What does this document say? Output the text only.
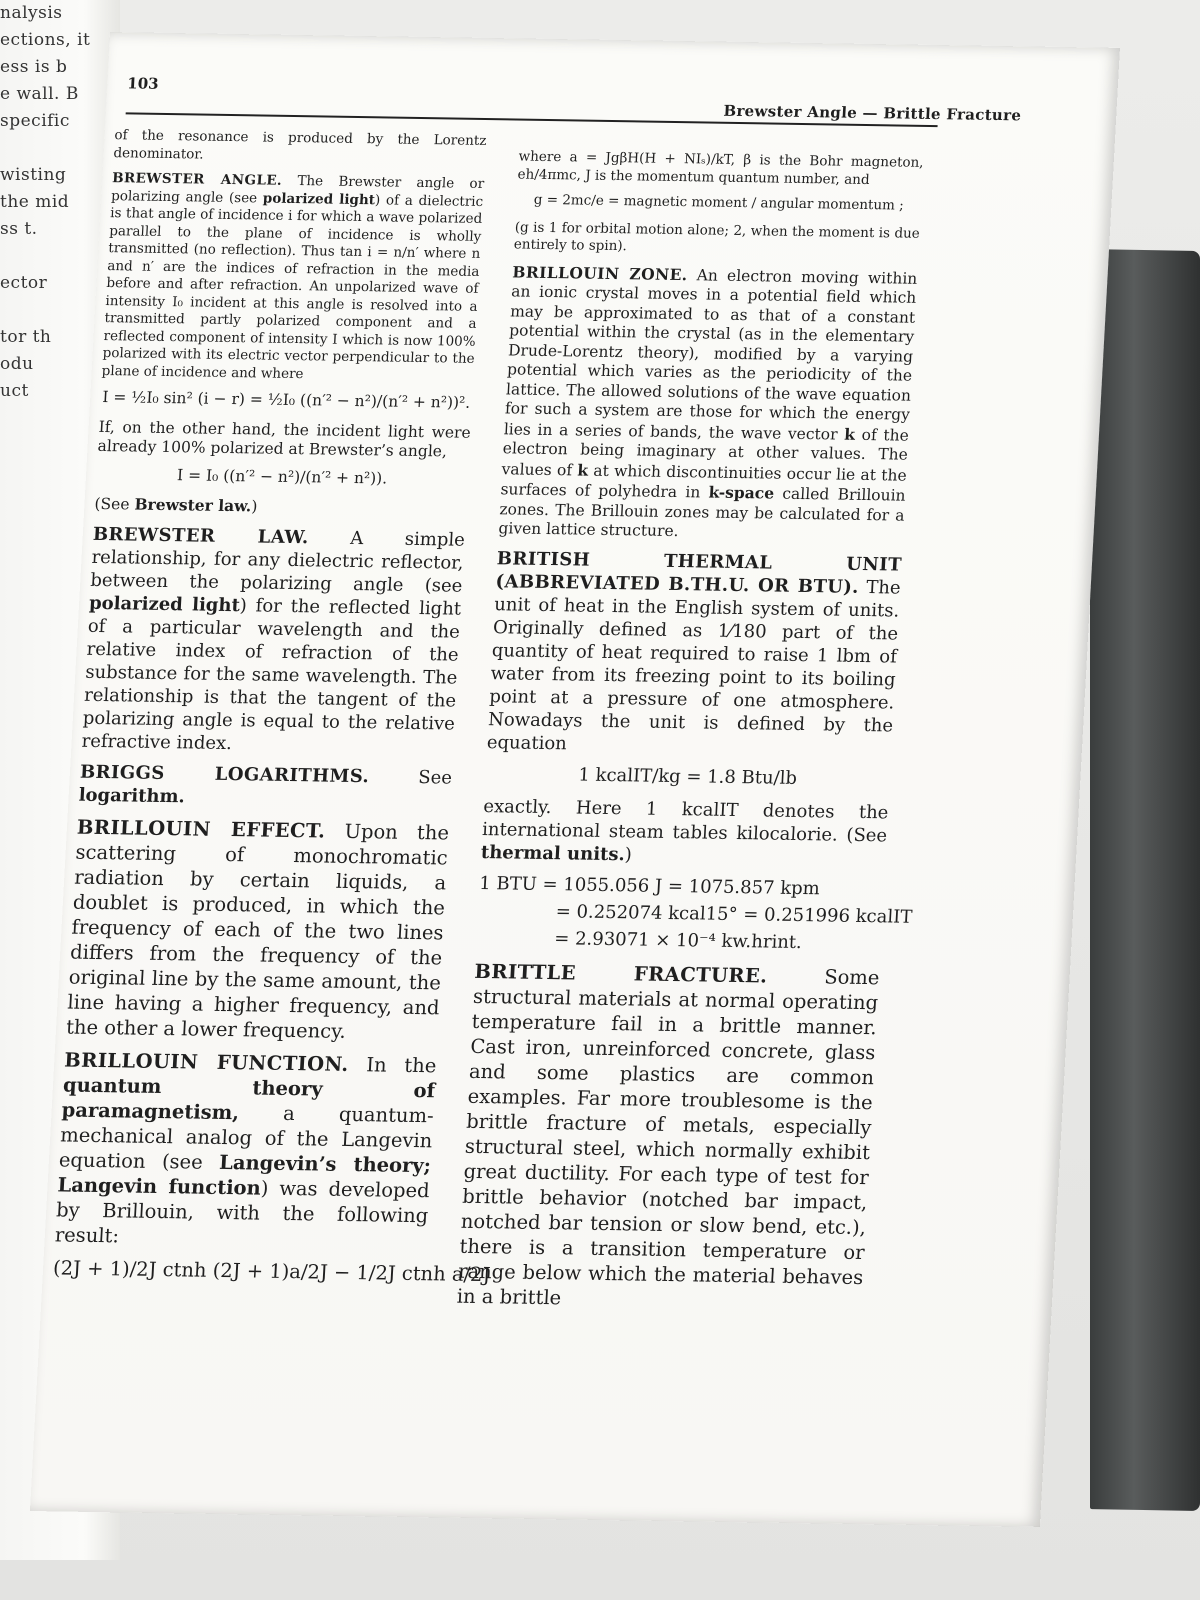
nalysis
ections, it
ess is b
e wall. B
specific

wisting
the mid
ss t.

ector

tor th
odu
uct
103
Brewster Angle — Brittle Fracture

of the resonance is produced by the Lorentz denominator.

BREWSTER ANGLE. The Brewster angle or polarizing angle (see polarized light) of a dielectric is that angle of incidence i for which a wave polarized parallel to the plane of incidence is wholly transmitted (no reflection). Thus tan i = n/n′ where n and n′ are the indices of refraction in the media before and after refraction. An unpolarized wave of intensity I₀ incident at this angle is resolved into a transmitted partly polarized component and a reflected component of intensity I which is now 100% polarized with its electric vector perpendicular to the plane of incidence and where

I = ½I₀ sin² (i − r) = ½I₀ ((n′² − n²)/(n′² + n²))².

If, on the other hand, the incident light were already 100% polarized at Brewster’s angle,

I = I₀ ((n′² − n²)/(n′² + n²)).

(See Brewster law.)

BREWSTER LAW. A simple relationship, for any dielectric reflector, between the polarizing angle (see polarized light) for the reflected light of a particular wavelength and the relative index of refraction of the substance for the same wavelength. The relationship is that the tangent of the polarizing angle is equal to the relative refractive index.

BRIGGS LOGARITHMS.	See logarithm.

BRILLOUIN EFFECT. Upon the scattering of monochromatic radiation by certain liquids, a doublet is produced, in which the frequency of each of the two lines differs from the frequency of the original line by the same amount, the line having a higher frequency, and the other a lower frequency.

BRILLOUIN FUNCTION. In the quantum theory of paramagnetism, a quantum-mechanical analog of the Langevin equation (see Langevin’s theory; Langevin function) was developed by Brillouin, with the following result:

(2J + 1)/2J ctnh (2J + 1)a/2J − 1/2J ctnh a/2J

where a = JgβH(H + NIₛ)/kT, β is the Bohr magneton, eh/4πmc, J is the momentum quantum number, and

g = 2mc/e = magnetic moment / angular momentum ;

(g is 1 for orbital motion alone; 2, when the moment is due entirely to spin).

BRILLOUIN ZONE. An electron moving within an ionic crystal moves in a potential field which may be approximated to as that of a constant potential within the crystal (as in the elementary Drude-Lorentz theory), modified by a varying potential which varies as the periodicity of the lattice. The allowed solutions of the wave equation for such a system are those for which the energy lies in a series of bands, the wave vector k of the electron being imaginary at other values. The values of k at which discontinuities occur lie at the surfaces of polyhedra in k-space called Brillouin zones. The Brillouin zones may be calculated for a given lattice structure.

BRITISH THERMAL UNIT (ABBREVIATED B.TH.U. OR BTU). The unit of heat in the English system of units. Originally defined as 1⁄180 part of the quantity of heat required to raise 1 lbm of water from its freezing point to its boiling point at a pressure of one atmosphere. Nowadays the unit is defined by the equation

1 kcalIT/kg = 1.8 Btu/lb

exactly. Here 1 kcalIT denotes the international steam tables kilocalorie. (See thermal units.)

1 BTU = 1055.056 J = 1075.857 kpm
= 0.252074 kcal15° = 0.251996 kcalIT
= 2.93071 × 10⁻⁴ kw.hrint.

BRITTLE FRACTURE.	Some structural materials at normal operating temperature fail in a brittle manner. Cast iron, unreinforced concrete, glass and some plastics are common examples. Far more troublesome is the brittle fracture of metals, especially structural steel, which normally exhibit great ductility. For each type of test for brittle behavior (notched bar impact, notched bar tension or slow bend, etc.), there is a transition temperature or range below which the material behaves in a brittle
